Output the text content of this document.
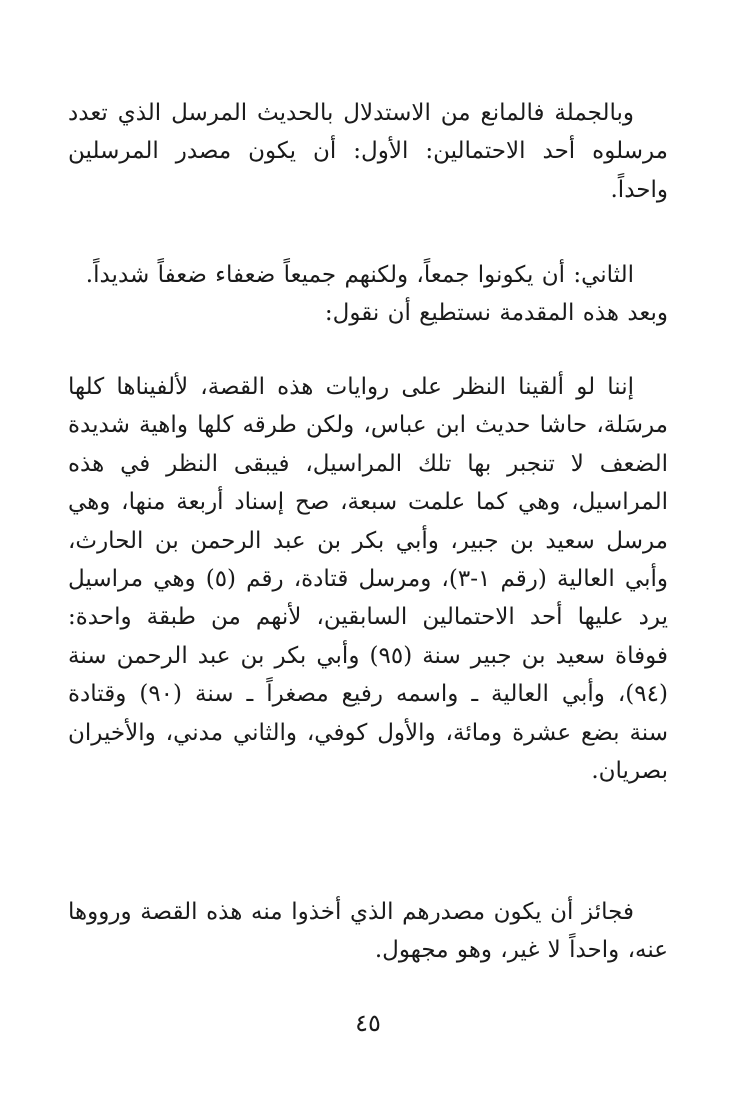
وبالجملة فالمانع من الاستدلال بالحديث المرسل الذي تعدد مرسلوه أحد الاحتمالين: الأول: أن يكون مصدر المرسلين واحداً.

الثاني: أن يكونوا جمعاً، ولكنهم جميعاً ضعفاء ضعفاً شديداً.

وبعد هذه المقدمة نستطيع أن نقول:

إننا لو ألقينا النظر على روايات هذه القصة، لألفيناها كلها مرسَلة، حاشا حديث ابن عباس، ولكن طرقه كلها واهية شديدة الضعف لا تنجبر بها تلك المراسيل، فيبقى النظر في هذه المراسيل، وهي كما علمت سبعة، صح إسناد أربعة منها، وهي مرسل سعيد بن جبير، وأبي بكر بن عبد الرحمن بن الحارث، وأبي العالية (رقم ١-٣)، ومرسل قتادة، رقم (٥) وهي مراسيل يرد عليها أحد الاحتمالين السابقين، لأنهم من طبقة واحدة: فوفاة سعيد بن جبير سنة (٩٥) وأبي بكر بن عبد الرحمن سنة (٩٤)، وأبي العالية ـ واسمه رفيع مصغراً ـ سنة (٩٠) وقتادة سنة بضع عشرة ومائة، والأول كوفي، والثاني مدني، والأخيران بصريان.

فجائز أن يكون مصدرهم الذي أخذوا منه هذه القصة ورووها عنه، واحداً لا غير، وهو مجهول.

٤٥
